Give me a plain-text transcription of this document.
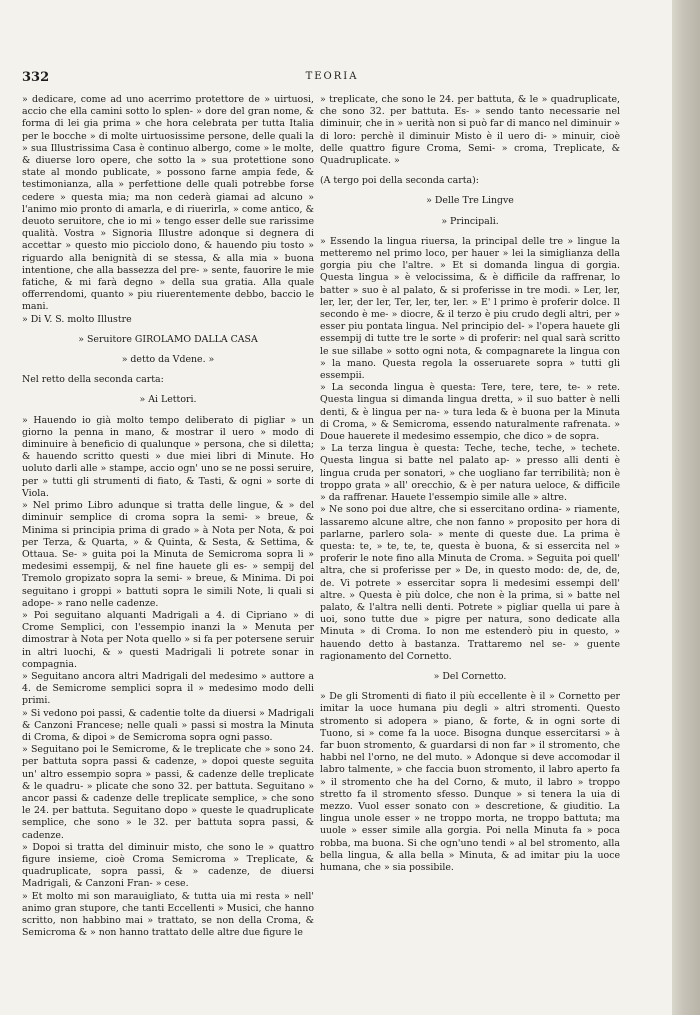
332	TEORIA

» dedicare, come ad uno acerrimo protettore de » uirtuosi, accio che ella camini sotto lo splen- » dore del gran nome, & forma di lei gia prima » che hora celebrata per tutta Italia per le bocche » di molte uirtuosissime persone, delle quali la » sua Illustrissima Casa è continuo albergo, come » le molte, & diuerse loro opere, che sotto la » sua protettione sono state al mondo publicate, » possono farne ampia fede, & testimonianza, alla » perfettione delle quali potrebbe forse cedere » questa mia; ma non cederà giamai ad alcuno » l'animo mio pronto di amarla, e di riuerirla, » come antico, & deuoto seruitore, che io mi » tengo esser delle sue rarissime qualità. Vostra » Signoria Illustre adonque si degnera di accettar » questo mio picciolo dono, & hauendo piu tosto » riguardo alla benignità di se stessa, & alla mia » buona intentione, che alla bassezza del pre- » sente, fauorire le mie fatiche, & mi farà degno » della sua gratia. Alla quale offerrendomi, quanto » piu riuerentemente debbo, baccio le mani.

» Di V. S. molto Illustre

» Seruitore GIROLAMO DALLA CASA

» detto da Vdene. »

Nel retto della seconda carta:

» Ai Lettori.

» Hauendo io già molto tempo deliberato di pigliar » un giorno la penna in mano, & mostrar il uero » modo di diminuire à beneficio di qualunque » persona, che si diletta; & hauendo scritto questi » due miei libri di Minute. Ho uoluto darli alle » stampe, accio ogn' uno se ne possi seruire, per » tutti gli strumenti di fiato, & Tasti, & ogni » sorte di Viola.

» Nel primo Libro adunque si tratta delle lingue, & » del diminuir semplice di croma sopra la semi- » breue, & Minima si principia prima di grado » à Nota per Nota, & poi per Terza, & Quarta, » & Quinta, & Sesta, & Settima, & Ottaua. Se- » guita poi la Minuta de Semicroma sopra li » medesimi essempij, & nel fine hauete gli es- » sempij del Tremolo gropizato sopra la semi- » breue, & Minima. Di poi seguitano i groppi » battuti sopra le simili Note, li quali si adope- » rano nelle cadenze.

» Poi seguitano alquanti Madrigali a 4. di Cipriano » di Crome Semplici, con l'essempio inanzi la » Menuta per dimostrar à Nota per Nota quello » si fa per potersene seruir in altri luochi, & » questi Madrigali li potrete sonar in compagnia.

» Seguitano ancora altri Madrigali del medesimo » auttore a 4. de Semicrome semplici sopra il » medesimo modo delli primi.

» Si vedono poi passi, & cadentie tolte da diuersi » Madrigali & Canzoni Francese; nelle quali » passi si mostra la Minuta di Croma, & dipoi » de Semicroma sopra ogni passo.

» Seguitano poi le Semicrome, & le treplicate che » sono 24. per battuta sopra passi & cadenze, » dopoi queste seguita un' altro essempio sopra » passi, & cadenze delle treplicate & le quadru- » plicate che sono 32. per battuta. Seguitano » ancor passi & cadenze delle treplicate semplice, » che sono le 24. per battuta. Seguitano dopo » queste le quadruplicate semplice, che sono » le 32. per battuta sopra passi, & cadenze.

» Dopoi si tratta del diminuir misto, che sono le » quattro figure insieme, cioè Croma Semicroma » Treplicate, & quadruplicate, sopra passi, & » cadenze, de diuersi Madrigali, & Canzoni Fran- » cese.

» Et molto mi son marauigliato, & tutta uia mi resta » nell' animo gran stupore, che tanti Eccellenti » Musici, che hanno scritto, non habbino mai » trattato, se non della Croma, & Semicroma & » non hanno trattato delle altre due figure le

» treplicate, che sono le 24. per battuta, & le » quadruplicate, che sono 32. per battuta. Es- » sendo tanto necessarie nel diminuir, che in » uerità non si può far di manco nel diminuir » di loro: perchè il diminuir Misto è il uero di- » minuir, cioè delle quattro figure Croma, Semi- » croma, Treplicate, & Quadruplicate. »

(A tergo poi della seconda carta):

» Delle Tre Lingve

» Principali.

» Essendo la lingua riuersa, la principal delle tre » lingue la metteremo nel primo loco, per hauer » lei la simiglianza della gorgia piu che l'altre. » Et si domanda lingua di gorgia. Questa lingua » è velocissima, & è difficile da raffrenar, lo batter » suo è al palato, & si proferisse in tre modi. » Ler, ler, ler, ler, der ler, Ter, ler, ter, ler. » E' l primo è proferir dolce. Il secondo è me- » diocre, & il terzo è piu crudo degli altri, per » esser piu pontata lingua. Nel principio del- » l'opera hauete gli essempij di tutte tre le sorte » di proferir: nel qual sarà scritto le sue sillabe » sotto ogni nota, & compagnarete la lingua con » la mano. Questa regola la osseruarete sopra » tutti gli essempii.

» La seconda lingua è questa: Tere, tere, tere, te- » rete. Questa lingua si dimanda lingua dretta, » il suo batter è nelli denti, & è lingua per na- » tura leda & è buona per la Minuta di Croma, » & Semicroma, essendo naturalmente rafrenata. » Doue hauerete il medesimo essempio, che dico » de sopra.

» La terza lingua è questa: Teche, teche, teche, » techete. Questa lingua si batte nel palato ap- » presso alli denti è lingua cruda per sonatori, » che uogliano far terribilità; non è troppo grata » all' orecchio, & è per natura ueloce, & difficile » da raffrenar. Hauete l'essempio simile alle » altre.

» Ne sono poi due altre, che si essercitano ordina- » riamente, lassaremo alcune altre, che non fanno » proposito per hora di parlarne, parlero sola- » mente di queste due. La prima è questa: te, » te, te, te, questa è buona, & si essercita nel » proferir le note fino alla Minuta de Croma. » Seguita poi quell' altra, che si proferisse per » De, in questo modo: de, de, de, de. Vi potrete » essercitar sopra li medesimi essempi dell' altre. » Questa è più dolce, che non è la prima, si » batte nel palato, & l'altra nelli denti. Potrete » pigliar quella ui pare à uoi, sono tutte due » pigre per natura, sono dedicate alla Minuta » di Croma. Io non me estenderò piu in questo, » hauendo detto à bastanza. Trattaremo nel se- » guente ragionamento del Cornetto.

» Del Cornetto.

» De gli Stromenti di fiato il più eccellente è il » Cornetto per imitar la uoce humana piu degli » altri stromenti. Questo stromento si adopera » piano, & forte, & in ogni sorte di Tuono, si » come fa la uoce. Bisogna dunque essercitarsi » à far buon stromento, & guardarsi di non far » il stromento, che habbi nel l'orno, ne del muto. » Adonque si deve accomodar il labro talmente, » che faccia buon stromento, il labro aperto fa » il stromento che ha del Corno, & muto, il labro » troppo stretto fa il stromento sfesso. Dunque » si tenera la uia di mezzo. Vuol esser sonato con » descretione, & giuditio. La lingua unole esser » ne troppo morta, ne troppo battuta; ma uuole » esser simile alla gorgia. Poi nella Minuta fa » poca robba, ma buona. Si che ogn'uno tendi » al bel stromento, alla bella lingua, & alla bella » Minuta, & ad imitar piu la uoce humana, che » sia possibile.
